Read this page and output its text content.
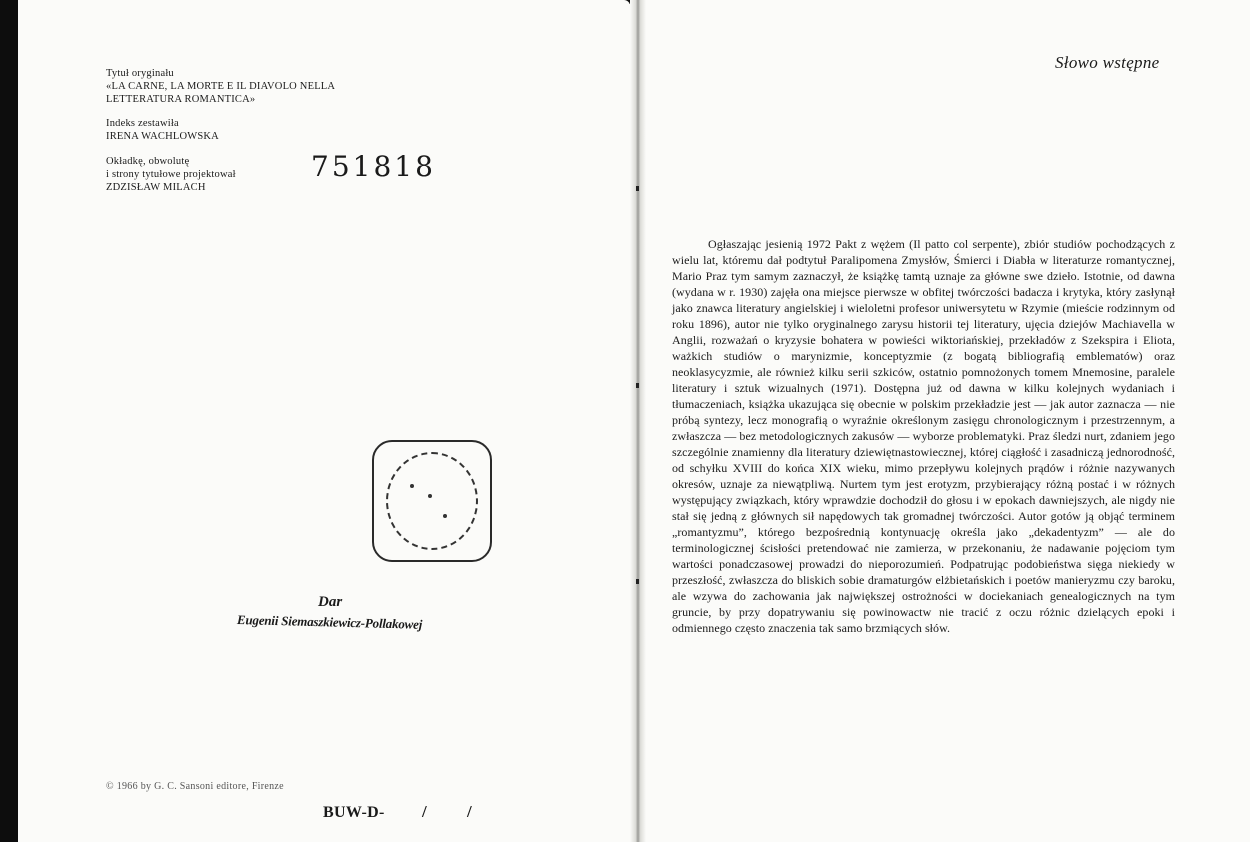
Tytuł oryginału
«LA CARNE, LA MORTE E IL DIAVOLO NELLA
LETTERATURA ROMANTICA»
Indeks zestawiła
IRENA WACHLOWSKA
Okładkę, obwolutę
i strony tytułowe projektował
ZDZISŁAW MILACH
751818
Dar
Eugenii Siemaszkiewicz-Pollakowej
© 1966 by G. C. Sansoni editore, Firenze
BUW-D- / /
Słowo wstępne

Ogłaszając jesienią 1972 Pakt z wężem (Il patto col serpente), zbiór studiów pochodzących z wielu lat, któremu dał podtytuł Paralipomena Zmysłów, Śmierci i Diabła w literaturze romantycznej, Mario Praz tym samym zaznaczył, że książkę tamtą uznaje za główne swe dzieło. Istotnie, od dawna (wydana w r. 1930) zajęła ona miejsce pierwsze w obfitej twórczości badacza i krytyka, który zasłynął jako znawca literatury angielskiej i wieloletni profesor uniwersytetu w Rzymie (mieście rodzinnym od roku 1896), autor nie tylko oryginalnego zarysu historii tej literatury, ujęcia dziejów Machiavella w Anglii, rozważań o kryzysie bohatera w powieści wiktoriańskiej, przekładów z Szekspira i Eliota, ważkich studiów o marynizmie, konceptyzmie (z bogatą bibliografią emblematów) oraz neoklasycyzmie, ale również kilku serii szkiców, ostatnio pomnożonych tomem Mnemosine, paralele literatury i sztuk wizualnych (1971). Dostępna już od dawna w kilku kolejnych wydaniach i tłumaczeniach, książka ukazująca się obecnie w polskim przekładzie jest — jak autor zaznacza — nie próbą syntezy, lecz monografią o wyraźnie określonym zasięgu chronologicznym i przestrzennym, a zwłaszcza — bez metodologicznych zakusów — wyborze problematyki. Praz śledzi nurt, zdaniem jego szczególnie znamienny dla literatury dziewiętnastowiecznej, której ciągłość i zasadniczą jednorodność, od schyłku XVIII do końca XIX wieku, mimo przepływu kolejnych prądów i różnie nazywanych okresów, uznaje za niewątpliwą. Nurtem tym jest erotyzm, przybierający różną postać i w różnych występujący związkach, który wprawdzie dochodził do głosu i w epokach dawniejszych, ale nigdy nie stał się jedną z głównych sił napędowych tak gromadnej twórczości. Autor gotów ją objąć terminem „romantyzmu”, którego bezpośrednią kontynuację określa jako „dekadentyzm” — ale do terminologicznej ścisłości pretendować nie zamierza, w przekonaniu, że nadawanie pojęciom tym wartości ponadczasowej prowadzi do nieporozumień. Podpatrując podobieństwa sięga niekiedy w przeszłość, zwłaszcza do bliskich sobie dramaturgów elżbietańskich i poetów manieryzmu czy baroku, ale wzywa do zachowania jak największej ostrożności w dociekaniach genealogicznych na tym gruncie, by przy dopatrywaniu się powinowactw nie tracić z oczu różnic dzielących epoki i odmiennego często znaczenia tak samo brzmiących słów.
